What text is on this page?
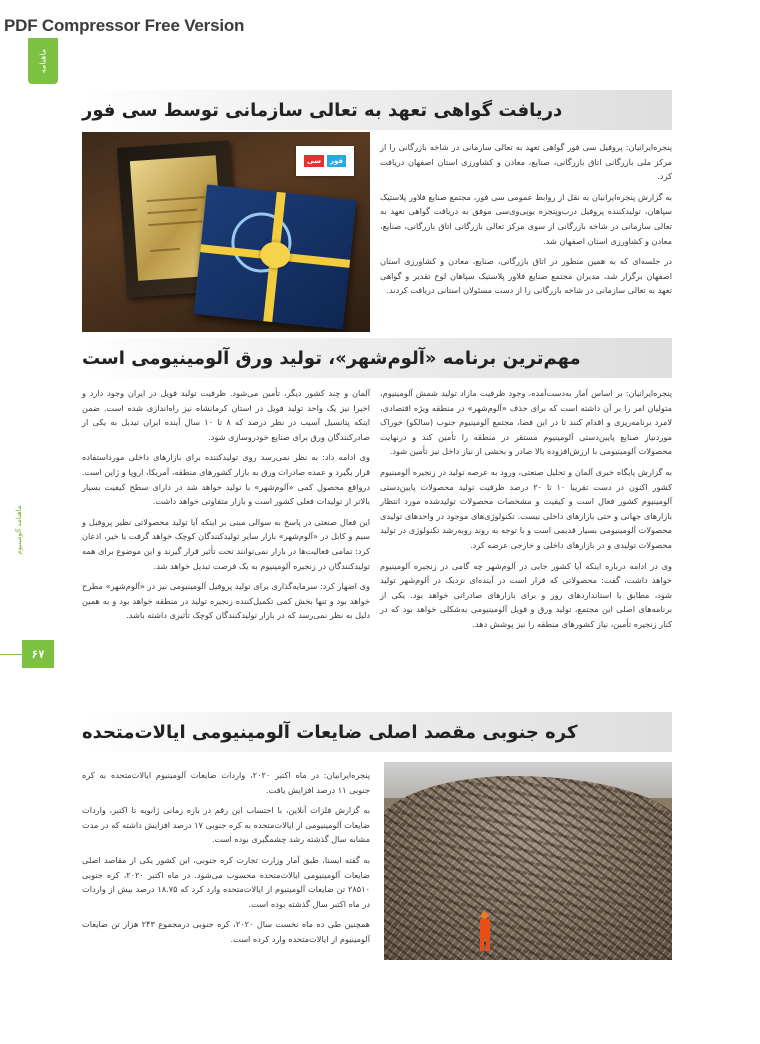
PDF Compressor Free Version
ماهنامه
ماهنامه آلومینیوم
۶۷
دریافت گواهی تعهد به تعالی سازمانی توسط سی فور
سی	فور

پنجره‌ایرانیان: پروفیل سی فور گواهی تعهد به تعالی سازمانی در شاخه بازرگانی را از مرکز ملی بازرگانی اتاق بازرگانی، صنایع، معادن و کشاورزی استان اصفهان دریافت کرد.

به گزارش پنجره‌ایرانیان به نقل از روابط عمومی سی فور، مجتمع صنایع فلاور پلاستیک سپاهان، تولیدکننده پروفیل درب‌وپنجره یو‌پی‌وی‌سی موفق به دریافت گواهی تعهد به تعالی سازمانی در شاخه بازرگانی از سوی مرکز تعالی بازرگانی اتاق بازرگانی، صنایع، معادن و کشاورزی استان اصفهان شد.

در جلسه‌ای که به همین منظور در اتاق بازرگانی، صنایع، معادن و کشاورزی استان اصفهان برگزار شد، مدیران مجتمع صنایع فلاور پلاستیک سپاهان لوح تقدیر و گواهی تعهد به تعالی سازمانی در شاخه بازرگانی را از دست مسئولان استانی دریافت کردند.

مهم‌ترین برنامه «آلوم‌شهر»، تولید ورق آلومینیومی است

پنجره‌ایرانیان: بر اساس آمار به‌دست‌آمده، وجود ظرفیت مازاد تولید شمش آلومینیوم، متولیان امر را بر آن داشته است که برای حذف «آلوم‌شهر» در منطقه ویژه اقتصادی، لامرد برنامه‌ریزی و اقدام کنند تا در این فضا، مجتمع آلومینیوم جنوب (سالکو) خوراک موردنیاز صنایع پایین‌دستی آلومینیوم مستقر در منطقه را تأمین کند و درنهایت محصولات آلومینیومی با ارزش‌افزوده بالا صادر و بخشی از نیاز داخل نیز تأمین شود.

به گزارش پایگاه خبری آلمان و تحلیل صنعتی، ورود به عرصه تولید در زنجیره آلومینیوم کشور اکنون در دست تقریبا ۱۰ تا ۲۰ درصد ظرفیت تولید محصولات پایین‌دستی آلومینیوم کشور فعال است و کیفیت و مشخصات محصولات تولیدشده مورد انتظار بازارهای جهانی و حتی بازارهای داخلی نیست. تکنولوژی‌های موجود در واحدهای تولیدی محصولات آلومینیومی بسیار قدیمی است و با توجه به روند روبه‌رشد تکنولوژی در تولید محصولات تولیدی و در بازارهای داخلی و خارجی عرضه کرد.

وی در ادامه درباره اینکه آیا کشور جایی در آلوم‌شهر چه گامی در زنجیره آلومینیوم خواهد داشت، گفت: محصولاتی که قرار است در آینده‌ای نزدیک در آلوم‌شهر تولید شود، مطابق با استانداردهای روز و برای بازارهای صادراتی خواهد بود. یکی از برنامه‌های اصلی این مجتمع، تولید ورق و فویل آلومینیومی به‌شکلی خواهد بود که در کنار زنجیره تأمین، نیاز کشورهای منطقه را نیز پوشش دهد.

آلمان و چند کشور دیگر، تأمین می‌شود. ظرفیت تولید فویل در ایران وجود دارد و اخیرا نیز یک واحد تولید فویل در استان کرمانشاه نیز راه‌اندازی شده است. ضمن اینکه پتانسیل آسیب در نظر درصد که ۸ تا ۱۰ سال آینده ایران تبدیل به یکی از صادرکنندگان ورق برای صنایع خودروسازی شود.

وی ادامه داد: به نظر نمی‌رسد روی تولیدکننده برای بازارهای داخلی مورداستفاده قرار بگیرد و عمده صادرات ورق به بازار کشورهای منطقه، آمریکا، اروپا و ژاپن است. درواقع محصول کمی «آلوم‌شهر» با تولید خواهد شد در دارای سطح کیفیت بسیار بالاتر از تولیدات فعلی کشور است و بازار متفاوتی خواهد داشت.

این فعال صنعتی در پاسخ به سوالی مبنی بر اینکه آیا تولید محصولاتی نظیر پروفیل و سیم و کابل در «آلوم‌شهر» بازار سایر تولیدکنندگان کوچک خواهد گرفت یا خیر، اذعان کرد: تمامی فعالیت‌ها در بازار نمی‌توانند تحت تأثیر قرار گیرند و این موضوع برای همه تولیدکنندگان در زنجیره آلومینیوم به یک فرصت تبدیل خواهد شد.

وی اضهار کرد: سرمایه‌گذاری برای تولید پروفیل آلومینیومی نیز در «آلوم‌شهر» مطرح خواهد بود و تنها بخش کمی تکمیل‌کننده زنجیره تولید در منطقه خواهد بود و به همین دلیل به نظر نمی‌رسد که در بازار تولیدکنندگان کوچک تأثیری داشته باشد.

کره جنوبی مقصد اصلی ضایعات آلومینیومی ایالات‌متحده

پنجره‌ایرانیان: در ماه اکتبر ۲۰۲۰، واردات ضایعات آلومینیوم ایالات‌متحده به کره جنوبی ۱۱ درصد افزایش یافت.

به گزارش فلزات آنلاین، با احتساب این رقم در بازه زمانی ژانویه تا اکتبر، واردات ضایعات آلومینیومی از ایالات‌متحده به کره جنوبی ۱۷ درصد افزایش داشته که در مدت مشابه سال گذشته رشد چشمگیری بوده است.

به گفته ایسنا، طبق آمار وزارت تجارت کره جنوبی، این کشور یکی از مقاصد اصلی ضایعات آلومینیومی ایالات‌متحده محسوب می‌شود. در ماه اکتبر ۲۰۲۰، کره جنوبی ۲۸۵۱۰ تن ضایعات آلومینیوم از ایالات‌متحده وارد کرد که ۱۸.۷۵ درصد بیش از واردات در ماه اکتبر سال گذشته بوده است.

همچنین طی ده ماه نخست سال ۲۰۲۰، کره جنوبی درمجموع ۲۴۳ هزار تن ضایعات آلومینیوم از ایالات‌متحده وارد کرده است.
